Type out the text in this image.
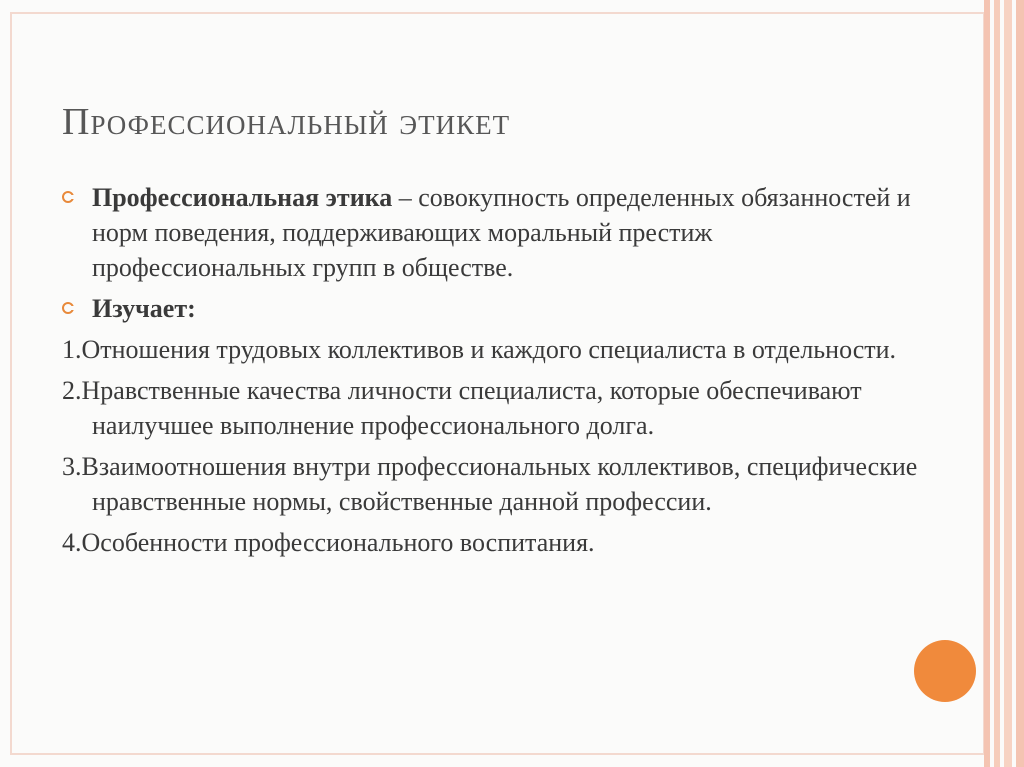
Профессиональный этикет

Профессиональная этика – совокупность определенных обязанностей и норм поведения, поддерживающих моральный престиж профессиональных групп в обществе.

Изучает:

1.Отношения трудовых коллективов и каждого специалиста в отдельности.

2.Нравственные качества личности специалиста, которые обеспечивают наилучшее выполнение профессионального долга.

3.Взаимоотношения внутри профессиональных коллективов, специфические нравственные нормы, свойственные данной профессии.

4.Особенности профессионального воспитания.
